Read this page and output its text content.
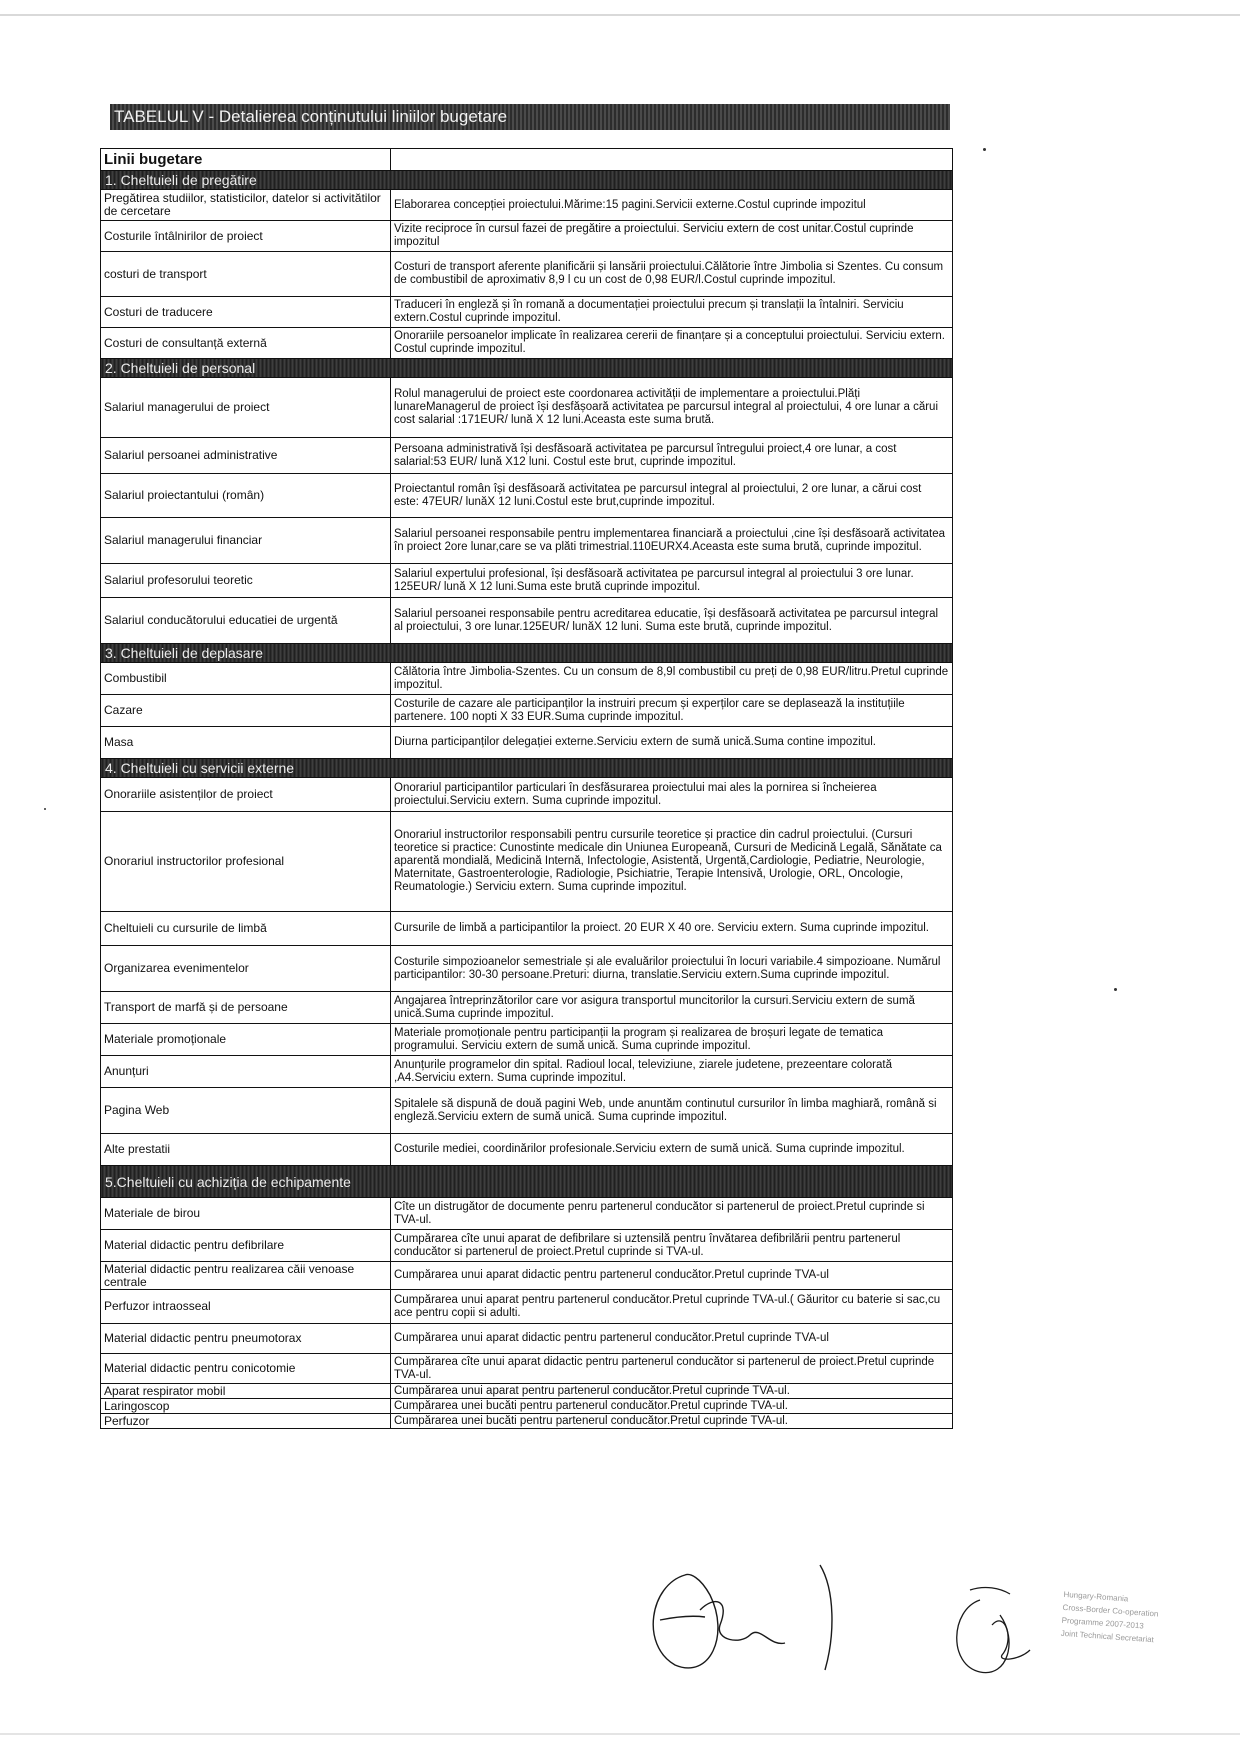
TABELUL V - Detalierea conținutului liniilor bugetare
Linii bugetare	
1. Cheltuieli de pregătire	
Pregătirea studiilor, statisticilor, datelor si activitătilor de cercetare	Elaborarea concepției proiectului.Mărime:15 pagini.Servicii externe.Costul cuprinde impozitul
Costurile întâlnirilor de proiect	Vizite reciproce în cursul fazei de pregătire a proiectului. Serviciu extern de cost unitar.Costul cuprinde impozitul
costuri de transport	Costuri de transport aferente planificării și lansării proiectului.Călătorie între Jimbolia si Szentes. Cu consum de combustibil de aproximativ 8,9 l cu un cost de 0,98 EUR/l.Costul cuprinde impozitul.
Costuri de traducere	Traduceri în engleză și în romană a documentației proiectului precum și translații la întalniri. Serviciu extern.Costul cuprinde impozitul.
Costuri de consultanță externă	Onorariile persoanelor implicate în realizarea cererii de finanțare și a conceptului proiectului. Serviciu extern. Costul cuprinde impozitul.
2. Cheltuieli de personal	
Salariul managerului de proiect	Rolul managerului de proiect este coordonarea activității de implementare a proiectului.Plăți lunareManagerul de proiect își desfășoară activitatea pe parcursul integral al proiectului, 4 ore lunar a cărui cost salarial :171EUR/ lună X 12 luni.Aceasta este suma brută.
Salariul persoanei administrative	Persoana administrativă își desfăsoară activitatea pe parcursul întregului proiect,4 ore lunar, a cost salarial:53 EUR/ lună X12 luni. Costul este brut, cuprinde impozitul.
Salariul proiectantului (român)	Proiectantul român își desfăsoară activitatea pe parcursul integral al proiectului, 2 ore lunar, a cărui cost este: 47EUR/ lunăX 12 luni.Costul este brut,cuprinde impozitul.
Salariul managerului financiar	Salariul persoanei responsabile pentru implementarea financiară a proiectului ,cine își desfăsoară activitatea în proiect 2ore lunar,care se va plăti trimestrial.110EURX4.Aceasta este suma brută, cuprinde impozitul.
Salariul profesorului teoretic	Salariul expertului profesional, își desfăsoară activitatea pe parcursul integral al proiectului 3 ore lunar. 125EUR/ lună X 12 luni.Suma este brută cuprinde impozitul.
Salariul conducătorului educatiei de urgentă	Salariul persoanei responsabile pentru acreditarea educatie, își desfăsoară activitatea pe parcursul integral al proiectului, 3 ore lunar.125EUR/ lunăX 12 luni. Suma este brută, cuprinde impozitul.
3. Cheltuieli de deplasare	
Combustibil	Călătoria între Jimbolia-Szentes. Cu un consum de 8,9l combustibil cu preți de 0,98 EUR/litru.Pretul cuprinde impozitul.
Cazare	Costurile de cazare ale participanților la instruiri precum și experților care se deplasează la instituțiile partenere. 100 nopti X 33 EUR.Suma cuprinde impozitul.
Masa	Diurna participanților delegației externe.Serviciu extern de sumă unică.Suma contine impozitul.
4. Cheltuieli cu servicii externe	
Onorariile asistenților de proiect	Onorariul participantilor particulari în desfăsurarea proiectului mai ales la pornirea si încheierea proiectului.Serviciu extern. Suma cuprinde impozitul.
Onorariul instructorilor profesional	Onorariul instructorilor responsabili pentru cursurile teoretice și practice din cadrul proiectului. (Cursuri teoretice si practice: Cunostinte medicale din Uniunea Europeană, Cursuri de Medicină Legală, Sănătate ca aparentă mondială, Medicină Internă, Infectologie, Asistentă, Urgentă,Cardiologie, Pediatrie, Neurologie, Maternitate, Gastroenterologie, Radiologie, Psichiatrie, Terapie Intensivă, Urologie, ORL, Oncologie, Reumatologie.) Serviciu extern. Suma cuprinde impozitul.
Cheltuieli cu cursurile de limbă	Cursurile de limbă a participantilor la proiect. 20 EUR X 40 ore. Serviciu extern. Suma cuprinde impozitul.
Organizarea evenimentelor	Costurile simpozioanelor semestriale și ale evaluărilor proiectului în locuri variabile.4 simpozioane. Numărul participantilor: 30-30 persoane.Preturi: diurna, translatie.Serviciu extern.Suma cuprinde impozitul.
Transport de marfă și de persoane	Angajarea întreprinzătorilor care vor asigura transportul muncitorilor la cursuri.Serviciu extern de sumă unică.Suma cuprinde impozitul.
Materiale promoționale	Materiale promoționale pentru participanții la program și realizarea de broșuri legate de tematica programului. Serviciu extern de sumă unică. Suma cuprinde impozitul.
Anunțuri	Anunțurile programelor din spital. Radioul local, televiziune, ziarele judetene, prezeentare colorată ,A4.Serviciu extern. Suma cuprinde impozitul.
Pagina Web	Spitalele să dispună de două pagini Web, unde anuntăm continutul cursurilor în limba maghiară, română si engleză.Serviciu extern de sumă unică. Suma cuprinde impozitul.
Alte prestatii	Costurile mediei, coordinărilor profesionale.Serviciu extern de sumă unică. Suma cuprinde impozitul.
5.Cheltuieli cu achiziția de echipamente	
Materiale de birou	Cîte un distrugător de documente penru partenerul conducător si partenerul de proiect.Pretul cuprinde si TVA-ul.
Material didactic pentru defibrilare	Cumpărarea cîte unui aparat de defibrilare si uztensilă pentru învătarea defibrilării pentru partenerul conducător si partenerul de proiect.Pretul cuprinde si TVA-ul.
Material didactic pentru realizarea căii venoase centrale	Cumpărarea unui aparat didactic pentru partenerul conducător.Pretul cuprinde TVA-ul
Perfuzor intraosseal	Cumpărarea unui aparat pentru partenerul conducător.Pretul cuprinde TVA-ul.( Găuritor cu baterie si sac,cu ace pentru copii si adulti.
Material didactic pentru pneumotorax	Cumpărarea unui aparat didactic pentru partenerul conducător.Pretul cuprinde TVA-ul
Material didactic pentru conicotomie	Cumpărarea cîte unui aparat didactic pentru partenerul conducător si partenerul de proiect.Pretul cuprinde TVA-ul.
Aparat respirator mobil	Cumpărarea unui aparat pentru partenerul conducător.Pretul cuprinde TVA-ul.
Laringoscop	Cumpărarea unei bucăti pentru partenerul conducător.Pretul cuprinde TVA-ul.
Perfuzor	Cumpărarea unei bucăti pentru partenerul conducător.Pretul cuprinde TVA-ul.
Hungary-Romania
Cross-Border Co-operation
Programme 2007-2013
Joint Technical Secretariat
